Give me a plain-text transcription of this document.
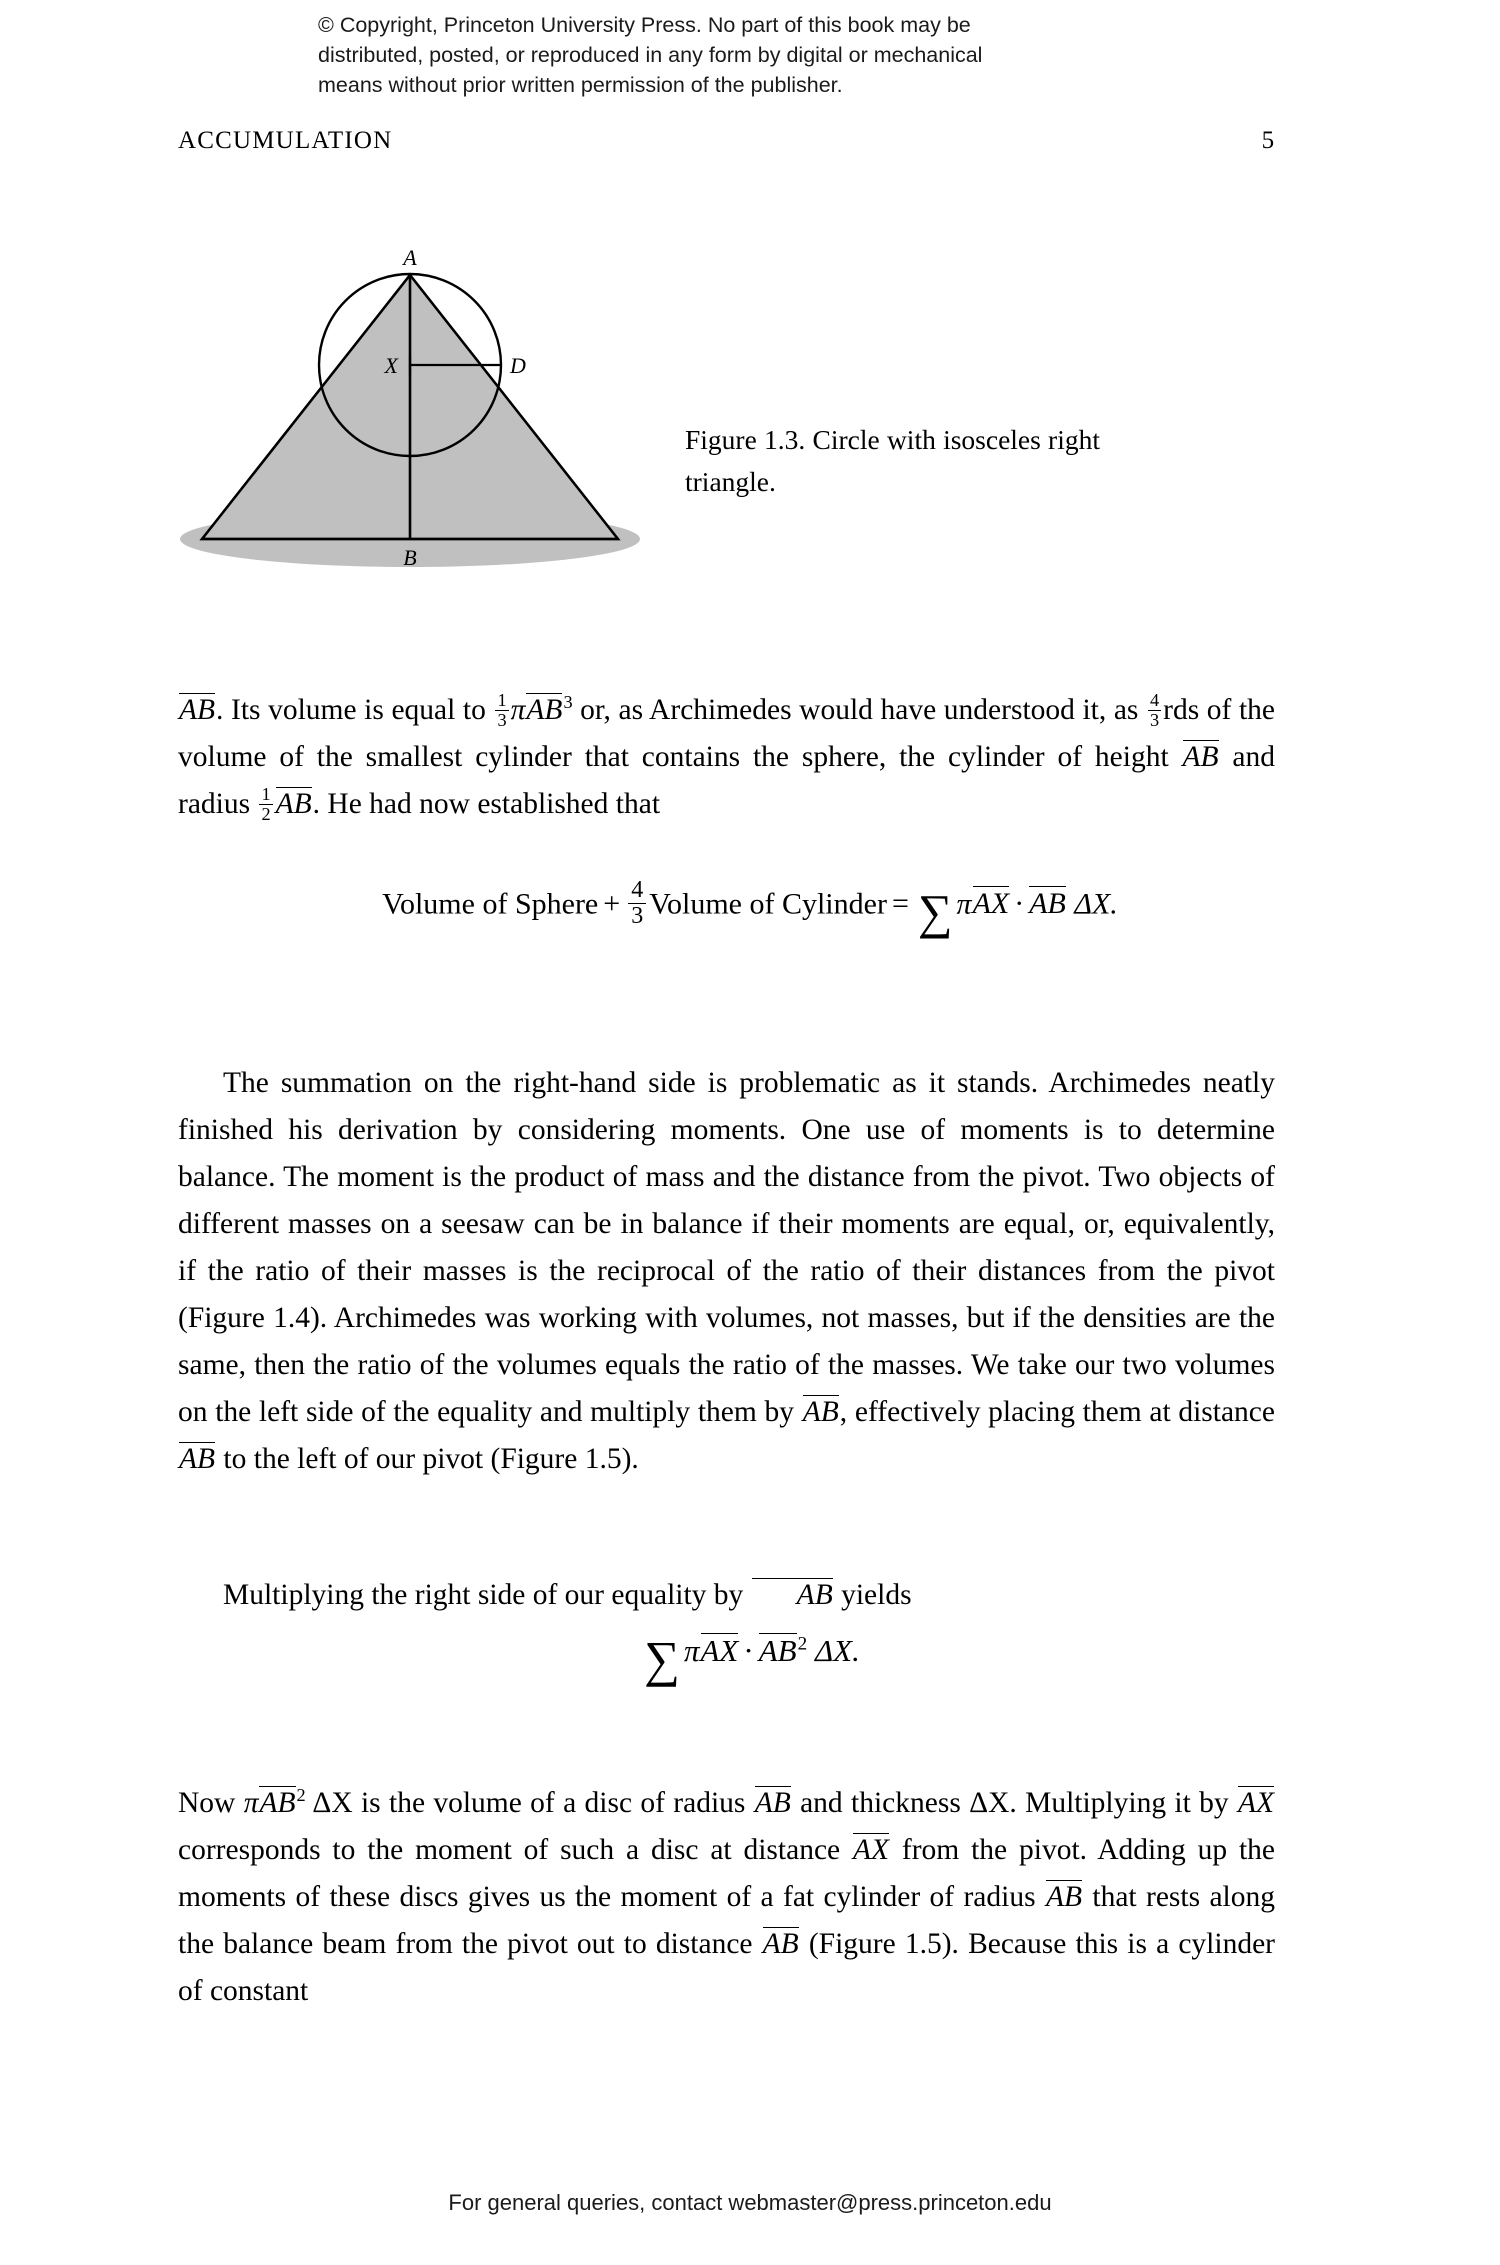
© Copyright, Princeton University Press. No part of this book may be
distributed, posted, or reproduced in any form by digital or mechanical
means without prior written permission of the publisher.
ACCUMULATION	5
A
B
X	D
Figure 1.3. Circle with isosceles right triangle.

AB. Its volume is equal to $\frac{1}{3} \pi AB^3$ or, as Archimedes would have understood it, as $\frac{4}{3}$ rds of the volume of the smallest cylinder that contains the sphere, the cylinder of height AB and radius $\frac{1}{2}$ AB. He had now established that

Volume of Sphere + $\frac{4}{3}$ Volume of Cylinder = ∑ πAX · AB ΔX.

The summation on the right-hand side is problematic as it stands. Archimedes neatly finished his derivation by considering moments. One use of moments is to determine balance. The moment is the product of mass and the distance from the pivot. Two objects of different masses on a seesaw can be in balance if their moments are equal, or, equivalently, if the ratio of their masses is the reciprocal of the ratio of their distances from the pivot (Figure 1.4). Archimedes was working with volumes, not masses, but if the densities are the same, then the ratio of the volumes equals the ratio of the masses. We take our two volumes on the left side of the equality and multiply them by AB, effectively placing them at distance AB to the left of our pivot (Figure 1.5).

Multiplying the right side of our equality by AB yields

∑ $\pi AX \cdot AB^2$ ΔX.

Now πAB$^2$ ΔX is the volume of a disc of radius AB and thickness ΔX. Multiplying it by AX corresponds to the moment of such a disc at distance AX from the pivot. Adding up the moments of these discs gives us the moment of a fat cylinder of radius AB that rests along the balance beam from the pivot out to distance AB (Figure 1.5). Because this is a cylinder of constant

For general queries, contact webmaster@press.princeton.edu
